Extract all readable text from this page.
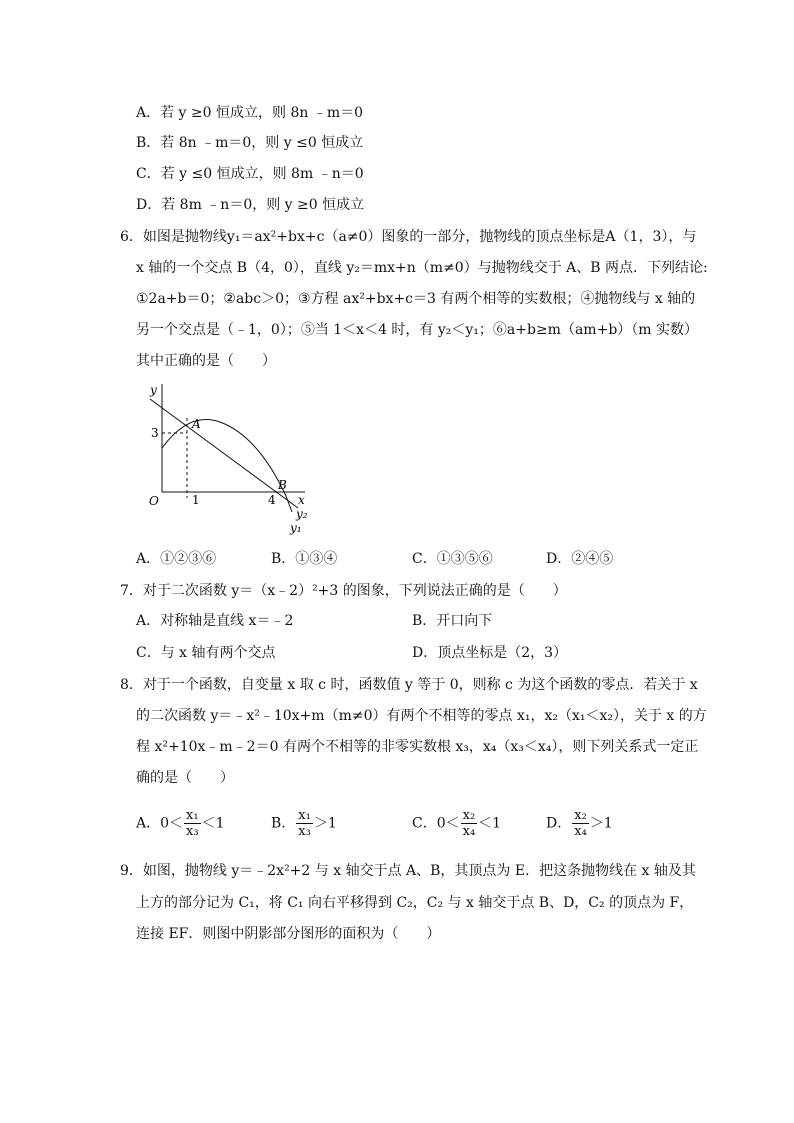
A．若 y ≥0 恒成立，则 8n ﹣m＝0
B．若 8n ﹣m＝0，则 y ≤0 恒成立
C．若 y ≤0 恒成立，则 8m ﹣n＝0
D．若 8m ﹣n＝0，则 y ≥0 恒成立
6．如图是抛物线y₁＝ax²+bx+c（a≠0）图象的一部分，抛物线的顶点坐标是A（1，3），与
x 轴的一个交点 B（4，0），直线 y₂＝mx+n（m≠0）与抛物线交于 A、B 两点．下列结论:
①2a+b＝0；②abc＞0；③方程 ax²+bx+c＝3 有两个相等的实数根；④抛物线与 x 轴的
另一个交点是（﹣1，0）；⑤当 1＜x＜4 时，有 y₂＜y₁；⑥a+b≥m（am+b）（m 实数）
其中正确的是（　　）
y
x
O	1
3
4
A
B
y₂
y₁
A．①②③⑥	B．①③④	C．①③⑤⑥	D．②④⑤
7．对于二次函数 y＝（x﹣2）²+3 的图象，下列说法正确的是（　　）
A．对称轴是直线 x＝﹣2	B．开口向下
C．与 x 轴有两个交点	D．顶点坐标是（2，3）
8．对于一个函数，自变量 x 取 c 时，函数值 y 等于 0，则称 c 为这个函数的零点．若关于 x
的二次函数 y＝﹣x²﹣10x+m（m≠0）有两个不相等的零点 x₁，x₂（x₁＜x₂），关于 x 的方
程 x²+10x﹣m﹣2＝0 有两个不相等的非零实数根 x₃，x₄（x₃＜x₄），则下列关系式一定正
确的是（　　）
A．$0< \frac{\text{x₁}}{\text{x₃}} <1$	B． $\frac{\text{x₁}}{\text{x₃}} >1$	C．$0< \frac{\text{x₂}}{\text{x₄}} <1$	D． $\frac{\text{x₂}}{\text{x₄}} >1$
9．如图，抛物线 y＝﹣2x²+2 与 x 轴交于点 A、B，其顶点为 E．把这条抛物线在 x 轴及其
上方的部分记为 C₁，将 C₁ 向右平移得到 C₂，C₂ 与 x 轴交于点 B、D，C₂ 的顶点为 F，
连接 EF．则图中阴影部分图形的面积为（　　）
